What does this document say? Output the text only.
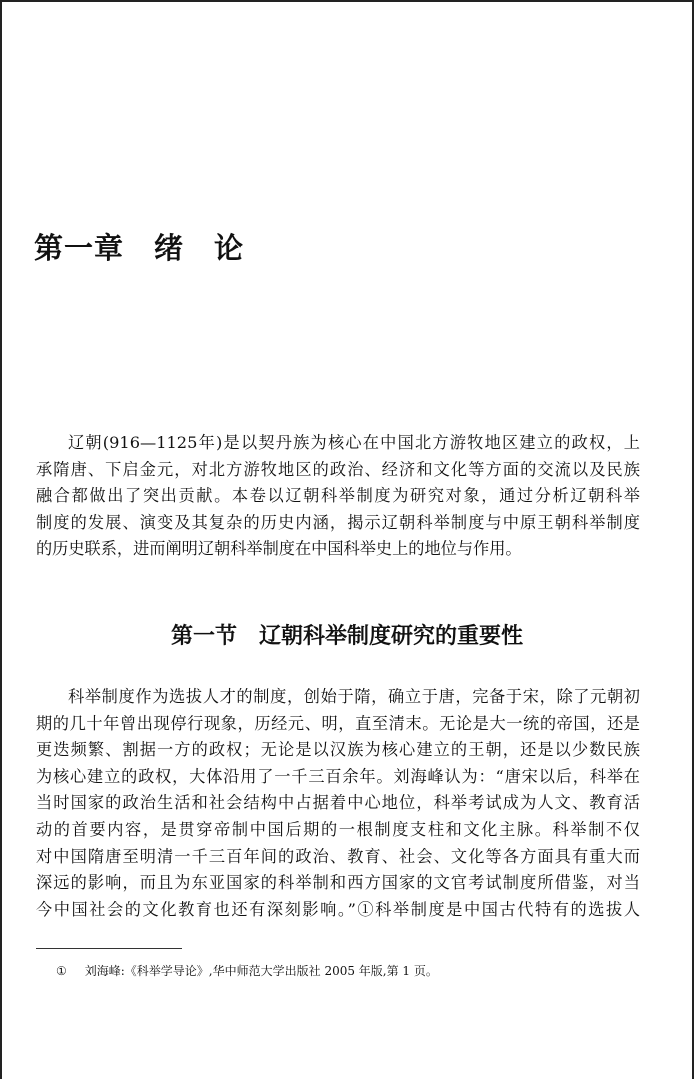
第一章　绪　论
辽朝(916—1125年)是以契丹族为核心在中国北方游牧地区建立的政权，上
承隋唐、下启金元，对北方游牧地区的政治、经济和文化等方面的交流以及民族
融合都做出了突出贡献。本卷以辽朝科举制度为研究对象，通过分析辽朝科举
制度的发展、演变及其复杂的历史内涵，揭示辽朝科举制度与中原王朝科举制度
的历史联系，进而阐明辽朝科举制度在中国科举史上的地位与作用。
第一节　辽朝科举制度研究的重要性
科举制度作为选拔人才的制度，创始于隋，确立于唐，完备于宋，除了元朝初
期的几十年曾出现停行现象，历经元、明，直至清末。无论是大一统的帝国，还是
更迭频繁、割据一方的政权；无论是以汉族为核心建立的王朝，还是以少数民族
为核心建立的政权，大体沿用了一千三百余年。刘海峰认为：“唐宋以后，科举在
当时国家的政治生活和社会结构中占据着中心地位，科举考试成为人文、教育活
动的首要内容，是贯穿帝制中国后期的一根制度支柱和文化主脉。科举制不仅
对中国隋唐至明清一千三百年间的政治、教育、社会、文化等各方面具有重大而
深远的影响，而且为东亚国家的科举制和西方国家的文官考试制度所借鉴，对当
今中国社会的文化教育也还有深刻影响。”①科举制度是中国古代特有的选拔人

① 刘海峰:《科举学导论》,华中师范大学出版社 2005 年版,第 1 页。
